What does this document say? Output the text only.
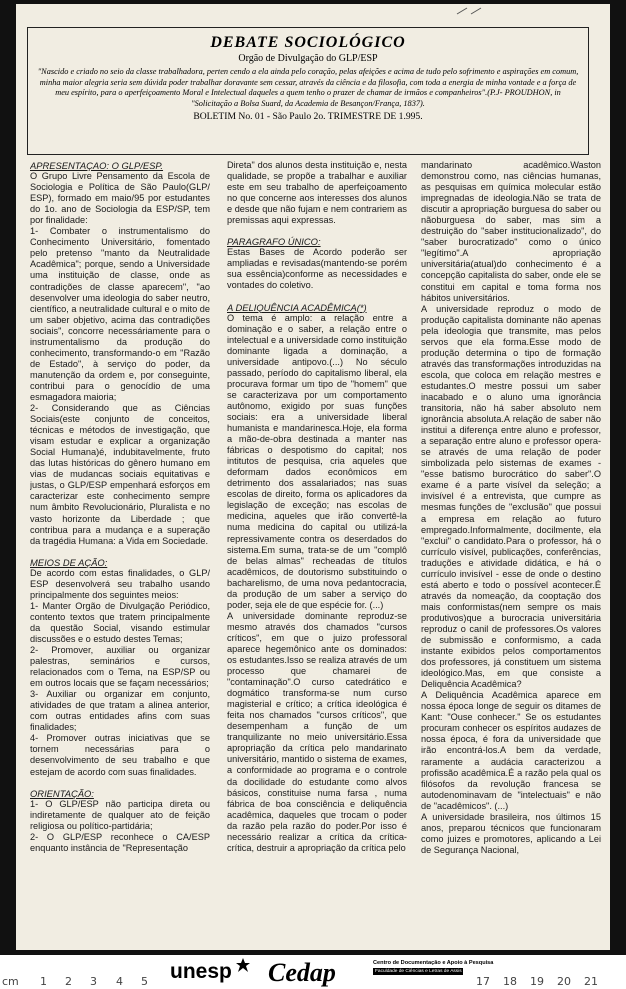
DEBATE SOCIOLÓGICO
Orgão de Divulgação do GLP/ESP
"Nascido e criado no seio da classe trabalhadora, perten cendo a ela ainda pelo coração, pelas afeições e acima de tudo pelo sofrimento e aspirações em comum, minha maior alegria seria sem dúvida poder trabalhar doravante sem cessar, através da ciência e da filosofia, com toda a energia de minha vontade e a força de meu espírito, para o aperfeiçoamento Moral e Intelectual daqueles a quem tenho o prazer de chamar de irmãos e companheiros".(P.J- PROUDHON, in "Solicitação a Bolsa Suard, da Academia de Besançon/França, 1837).
BOLETIM No. 01 - São Paulo 2o. TRIMESTRE DE 1.995.

APRESENTAÇAO: O GLP/ESP.

O Grupo Livre Pensamento da Escola de Sociologia e Política de São Paulo(GLP/ ESP), formado em maio/95 por estudantes do 1o. ano de Sociologia da ESP/SP, tem por finalidade:

1- Combater o instrumentalismo do Conhecimento Universitário, fomentado pelo pretenso "manto da Neutralidade Acadêmica"; porque, sendo a Universidade uma instituição de classe, onde as contradições de classe aparecem", "ao desenvolver uma ideologia do saber neutro, científico, a neutralidade cultural e o mito de um saber objetivo, acima das contradições sociais", concorre necessáriamente para o instrumentalismo da produção do conhecimento, transformando-o em "Razão de Estado", à serviço do poder, da manutenção da ordem e, por conseguinte, contribui para o genocídio de uma esmagadora maioria;

2- Considerando que as Ciências Sociais(este conjunto de conceitos, técnicas e métodos de investigação, que visam estudar e explicar a organização Social Humana)é, indubitavelmente, fruto das lutas históricas do gênero humano em vias de mudancas sociais equitativas e justas, o GLP/ESP empenhará esforços em caracterizar este conhecimento sempre num âmbito Revolucionário, Pluralista e no vasto horizonte da Liberdade ; que contribua para a mudança e a superação da tragédia Humana: a Vida em Sociedade.

MEIOS DE AÇÃO:

De acordo com estas finalidades, o GLP/ ESP desenvolverá seu trabalho usando principalmente dos seguintes meios:

1- Manter Orgão de Divulgação Periódico, contento textos que tratem principalmente da questão Social, visando estimular discussões e o estudo destes Temas;

2- Promover, auxiliar ou organizar palestras, seminários e cursos, relacionados com o Tema, na ESP/SP ou em outros locais que se façam necessários;

3- Auxiliar ou organizar em conjunto, atividades de que tratam a alinea anterior, com outras entidades afins com suas finalidades;

4- Promover outras iniciativas que se tornem necessárias para o desenvolvimento de seu trabalho e que estejam de acordo com suas finalidades.

ORIENTAÇÃO:

1- O GLP/ESP não participa direta ou indiretamente de qualquer ato de feição religiosa ou político-partidária;

2- O GLP/ESP reconhece o CA/ESP enquanto instância de "Representação

Direta" dos alunos desta instituição e, nesta qualidade, se propõe a trabalhar e auxiliar este em seu trabalho de aperfeiçoamento no que concerne aos interesses dos alunos e desde que não fujam e nem contrariem as premissas aqui expressas.

PARAGRAFO ÚNICO:

Estas Bases de Acordo poderão ser ampliadas e revisadas(mantendo-se porém sua essência)conforme as necessidades e vontades do coletivo.

A DELIQUÊNCIA ACADÊMICA(*)

O tema é amplo: a relação entre a dominação e o saber, a relação entre o intelectual e a universidade como instituição dominante ligada a dominação, a universidade antipovo.(...) No século passado, período do capitalismo liberal, ela procurava formar um tipo de "homem" que se caracterizava por um comportamento autônomo, exigido por suas funções sociais: era a universidade liberal humanista e mandarinesca.Hoje, ela forma a mão-de-obra destinada a manter nas fábricas o despotismo do capital; nos intitutos de pesquisa, cria aqueles que deformam dados econômicos em detrimento dos assalariados; nas suas escolas de direito, forma os aplicadores da legislação de exceção; nas escolas de medicina, aqueles que irão convertê-la numa medicina do capital ou utilizá-la repressivamente contra os deserdados do sistema.Em suma, trata-se de um "complô de belas almas" recheadas de títulos acadêmicos, de doutorismo substituindo o bacharelismo, de uma nova pedantocracia, da produção de um saber a serviço do poder, seja ele de que espécie for. (...)

A universidade dominante reproduz-se mesmo através dos chamados "cursos críticos", em que o juizo professoral aparece hegemônico ante os dominados: os estudantes.Isso se realiza através de um processo que chamarei de "contaminação".O curso catedrático e dogmático transforma-se num curso magisterial e crítico; a crítica ideológica é feita nos chamados "cursos críticos", que desempenham a função de um tranquilizante no meio universitário.Essa apropriação da crítica pelo mandarinato universitário, mantido o sistema de exames, a conformidade ao programa e o controle da docilidade do estudante como alvos básicos, constituise numa farsa , numa fábrica de boa consciência e deliquência acadêmica, daqueles que trocam o poder da razão pela razão do poder.Por isso é necessário realizar a crítica da crítica-crítica, destruir a apropriação da crítica pelo

mandarinato acadêmico.Waston demonstrou como, nas ciências humanas, as pesquisas em química molecular estão impregnadas de ideologia.Não se trata de discutir a apropriação burguesa do saber ou nãoburguesa do saber, mas sim a destruição do "saber institucionalizado", do "saber burocratizado" como o único "legítimo".A apropriação universitária(atual)do conhecimento é a concepção capitalista do saber, onde ele se constitui em capital e toma forma nos hábitos universitários.

A universidade reproduz o modo de produção capitalista dominante não apenas pela ideologia que transmite, mas pelos servos que ela forma.Esse modo de produção determina o tipo de formação através das transformações introduzidas na escola, que coloca em relação mestres e estudantes.O mestre possui um saber inacabado e o aluno uma ignorância transitoria, não há saber absoluto nem ignorância absoluta.A relação de saber não institui a diferença entre aluno e professor, a separação entre aluno e professor opera-se através de uma relação de poder simbolizada pelo sistemas de exames - "esse batismo burocrático do saber".O exame é a parte visível da seleção; a invisível é a entrevista, que cumpre as mesmas funções de "exclusão" que possui a empresa em relação ao futuro empregado.Informalmente, docilmente, ela "exclui" o candidato.Para o professor, há o currículo visível, publicações, conferências, traduções e atividade didática, e há o currículo invisível - esse de onde o destino está aberto e todo o possível acontecer.É através da nomeação, da cooptação dos mais conformistas(nem sempre os mais produtivos)que a burocracia universitária reproduz o canil de professores.Os valores de submissão e conformismo, a cada instante exibidos pelos comportamentos dos professores, já constituem um sistema ideológico.Mas, em que consiste a Deliquência Acadêmica?

A Deliquência Acadêmica aparece em nossa época longe de seguir os ditames de Kant: "Ouse conhecer." Se os estudantes procuram conhecer os espíritos audazes de nossa época, é fora da universidade que irão encontrá-los.A bem da verdade, raramente a audácia caracterizou a profissão acadêmica.É a razão pela qual os filósofos da revolução francesa se autodenominavam de "intelectuais" e não de "acadêmicos". (...)

A universidade brasileira, nos últimos 15 anos, preparou técnicos que funcionaram como juizes e promotores, aplicando a Lei de Segurança Nacional,

cm 1 2 3 4 5	17 18 19 20 21
unesp Cedap	Centro de Documentação e Apoio à Pesquisa
Faculdade de Ciências e Letras de Assis
